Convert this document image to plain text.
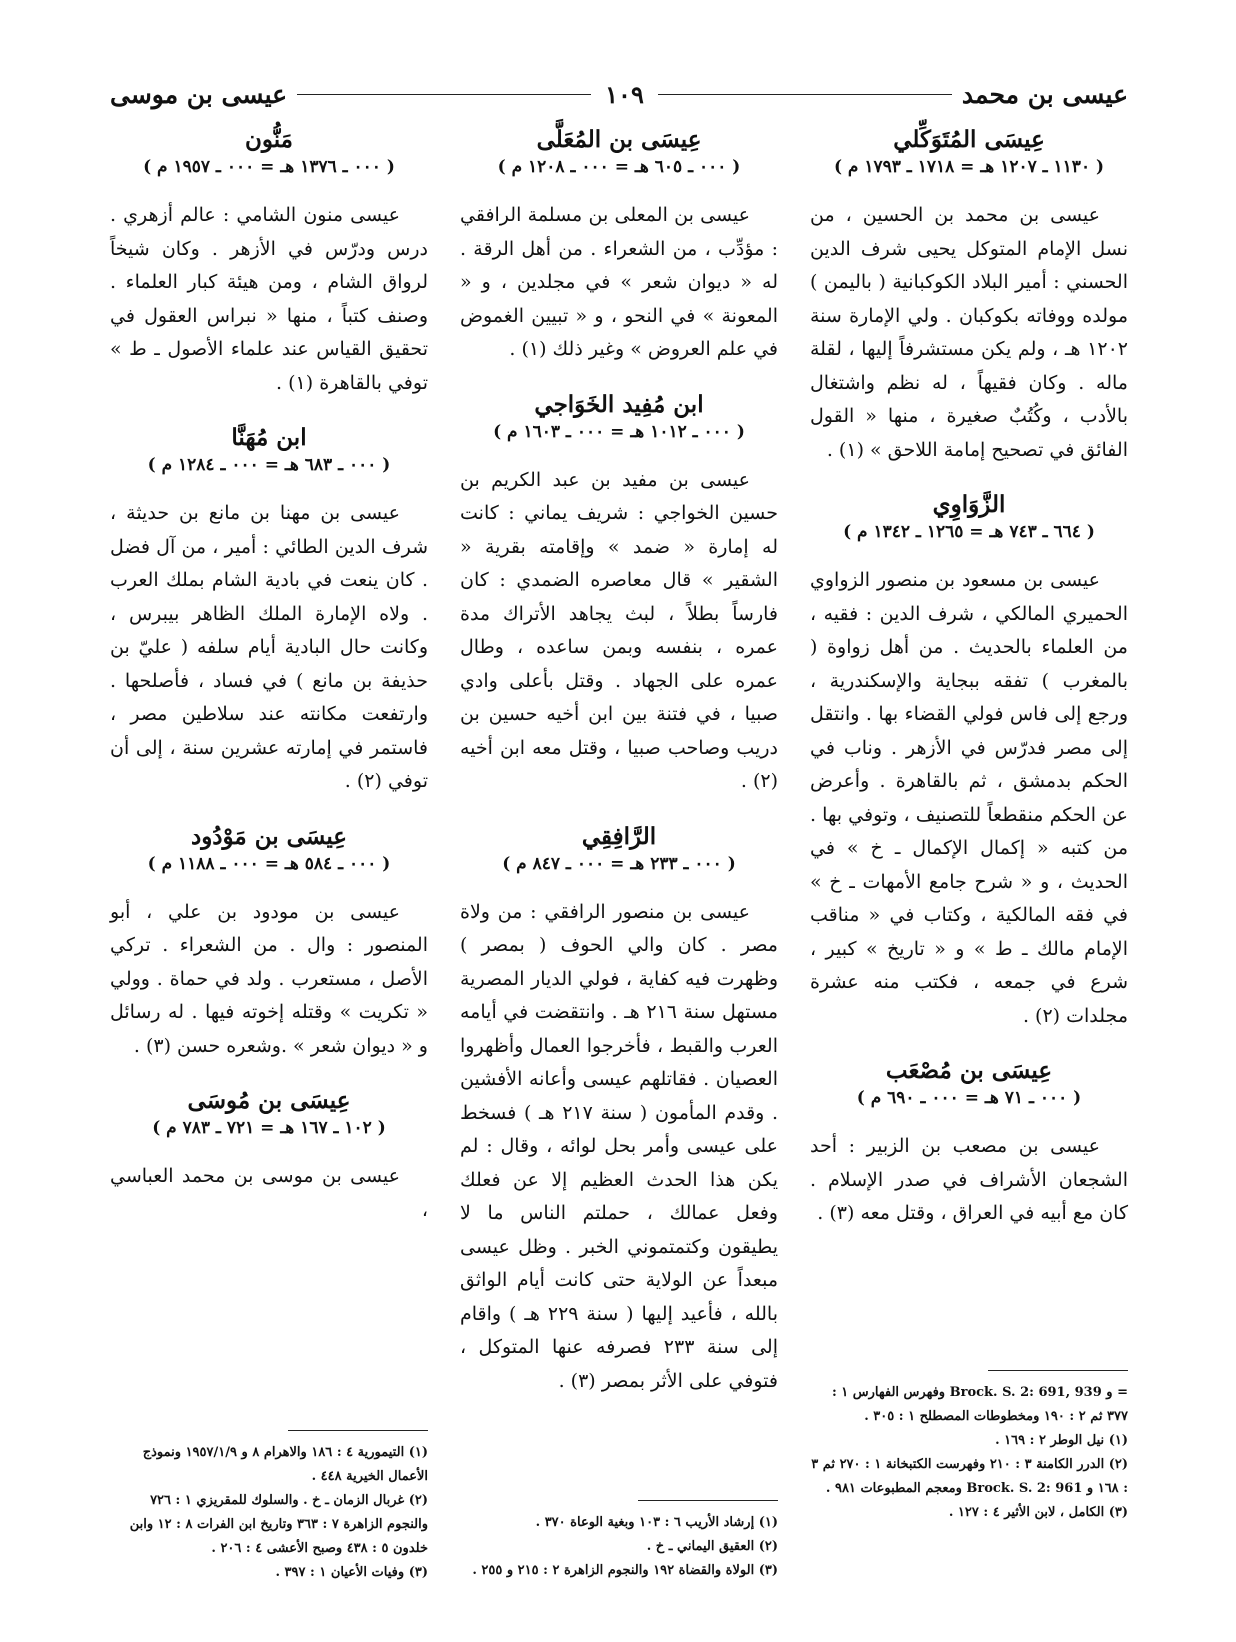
عيسى بن محمد
١٠٩
عيسى بن موسى
عِيسَى المُتَوَكِّلي
( ١١٣٠ ـ ١٢٠٧ هـ = ١٧١٨ ـ ١٧٩٣ م )
عيسى بن محمد بن الحسين ، من نسل الإمام المتوكل يحيى شرف الدين الحسني : أمير البلاد الكوكبانية ( باليمن ) مولده ووفاته بكوكبان . ولي الإمارة سنة ١٢٠٢ هـ ، ولم يكن مستشرفاً إليها ، لقلة ماله . وكان فقيهاً ، له نظم واشتغال بالأدب ، وكُتُبٌ صغيرة ، منها « القول الفائق في تصحيح إمامة اللاحق » (١) .
الزَّوَاوِي
( ٦٦٤ ـ ٧٤٣ هـ = ١٢٦٥ ـ ١٣٤٢ م )
عيسى بن مسعود بن منصور الزواوي الحميري المالكي ، شرف الدين : فقيه ، من العلماء بالحديث . من أهل زواوة ( بالمغرب ) تفقه ببجاية والإسكندرية ، ورجع إلى فاس فولي القضاء بها . وانتقل إلى مصر فدرّس في الأزهر . وناب في الحكم بدمشق ، ثم بالقاهرة . وأعرض عن الحكم منقطعاً للتصنيف ، وتوفي بها . من كتبه « إكمال الإكمال ـ خ » في الحديث ، و « شرح جامع الأمهات ـ خ » في فقه المالكية ، وكتاب في « مناقب الإمام مالك ـ ط » و « تاريخ » كبير ، شرع في جمعه ، فكتب منه عشرة مجلدات (٢) .
عِيسَى بن مُصْعَب
( ٠٠٠ ـ ٧١ هـ = ٠٠٠ ـ ٦٩٠ م )
عيسى بن مصعب بن الزبير : أحد الشجعان الأشراف في صدر الإسلام . كان مع أبيه في العراق ، وقتل معه (٣) .
عِيسَى بن المُعَلَّى
( ٠٠٠ ـ ٦٠٥ هـ = ٠٠٠ ـ ١٢٠٨ م )
عيسى بن المعلى بن مسلمة الرافقي : مؤدِّب ، من الشعراء . من أهل الرقة . له « ديوان شعر » في مجلدين ، و « المعونة » في النحو ، و « تبيين الغموض في علم العروض » وغير ذلك (١) .
ابن مُفِيد الخَوَاجي
( ٠٠٠ ـ ١٠١٢ هـ = ٠٠٠ ـ ١٦٠٣ م )
عيسى بن مفيد بن عبد الكريم بن حسين الخواجي : شريف يماني : كانت له إمارة « ضمد » وإقامته بقرية « الشقير » قال معاصره الضمدي : كان فارساً بطلاً ، لبث يجاهد الأتراك مدة عمره ، بنفسه وبمن ساعده ، وطال عمره على الجهاد . وقتل بأعلى وادي صبيا ، في فتنة بين ابن أخيه حسين بن دريب وصاحب صبيا ، وقتل معه ابن أخيه (٢) .
الرَّافِقِي
( ٠٠٠ ـ ٢٣٣ هـ = ٠٠٠ ـ ٨٤٧ م )
عيسى بن منصور الرافقي : من ولاة مصر . كان والي الحوف ( بمصر ) وظهرت فيه كفاية ، فولي الديار المصرية مستهل سنة ٢١٦ هـ . وانتقضت في أيامه العرب والقبط ، فأخرجوا العمال وأظهروا العصيان . فقاتلهم عيسى وأعانه الأفشين . وقدم المأمون ( سنة ٢١٧ هـ ) فسخط على عيسى وأمر بحل لوائه ، وقال : لم يكن هذا الحدث العظيم إلا عن فعلك وفعل عمالك ، حملتم الناس ما لا يطيقون وكتمتموني الخبر . وظل عيسى مبعداً عن الولاية حتى كانت أيام الواثق بالله ، فأعيد إليها ( سنة ٢٢٩ هـ ) واقام إلى سنة ٢٣٣ فصرفه عنها المتوكل ، فتوفي على الأثر بمصر (٣) .
مَنُّون
( ٠٠٠ ـ ١٣٧٦ هـ = ٠٠٠ ـ ١٩٥٧ م )
عيسى منون الشامي : عالم أزهري . درس ودرّس في الأزهر . وكان شيخاً لرواق الشام ، ومن هيئة كبار العلماء . وصنف كتباً ، منها « نبراس العقول في تحقيق القياس عند علماء الأصول ـ ط » توفي بالقاهرة (١) .
ابن مُهَنَّا
( ٠٠٠ ـ ٦٨٣ هـ = ٠٠٠ ـ ١٢٨٤ م )
عيسى بن مهنا بن مانع بن حديثة ، شرف الدين الطائي : أمير ، من آل فضل . كان ينعت في بادية الشام بملك العرب . ولاه الإمارة الملك الظاهر بيبرس ، وكانت حال البادية أيام سلفه ( عليّ بن حذيفة بن مانع ) في فساد ، فأصلحها . وارتفعت مكانته عند سلاطين مصر ، فاستمر في إمارته عشرين سنة ، إلى أن توفي (٢) .
عِيسَى بن مَوْدُود
( ٠٠٠ ـ ٥٨٤ هـ = ٠٠٠ ـ ١١٨٨ م )
عيسى بن مودود بن علي ، أبو المنصور : وال . من الشعراء . تركي الأصل ، مستعرب . ولد في حماة . وولي « تكريت » وقتله إخوته فيها . له رسائل و « ديوان شعر » .وشعره حسن (٣) .
عِيسَى بن مُوسَى
( ١٠٢ ـ ١٦٧ هـ = ٧٢١ ـ ٧٨٣ م )
عيسى بن موسى بن محمد العباسي ،
= و Brock. S. 2: 691, 939 وفهرس الفهارس ١ : ٣٧٧ ثم ٢ : ١٩٠ ومخطوطات المصطلح ١ : ٣٠٥ .
(١) نيل الوطر ٢ : ١٦٩ .
(٢) الدرر الكامنة ٣ : ٢١٠ وفهرست الكتبخانة ١ : ٢٧٠ ثم ٣ : ١٦٨ و Brock. S. 2: 961 ومعجم المطبوعات ٩٨١ .
(٣) الكامل ، لابن الأثير ٤ : ١٢٧ .
(١) إرشاد الأريب ٦ : ١٠٣ وبغية الوعاة ٣٧٠ .
(٢) العقيق اليماني ـ خ .
(٣) الولاة والقضاة ١٩٢ والنجوم الزاهرة ٢ : ٢١٥ و ٢٥٥ .
(١) التيمورية ٤ : ١٨٦ والاهرام ٨ و ١٩٥٧/١/٩ ونموذج الأعمال الخيرية ٤٤٨ .
(٢) غربال الزمان ـ خ . والسلوك للمقريزي ١ : ٧٢٦ والنجوم الزاهرة ٧ : ٣٦٣ وتاريخ ابن الفرات ٨ : ١٢ وابن خلدون ٥ : ٤٣٨ وصبح الأعشى ٤ : ٢٠٦ .
(٣) وفيات الأعيان ١ : ٣٩٧ .
